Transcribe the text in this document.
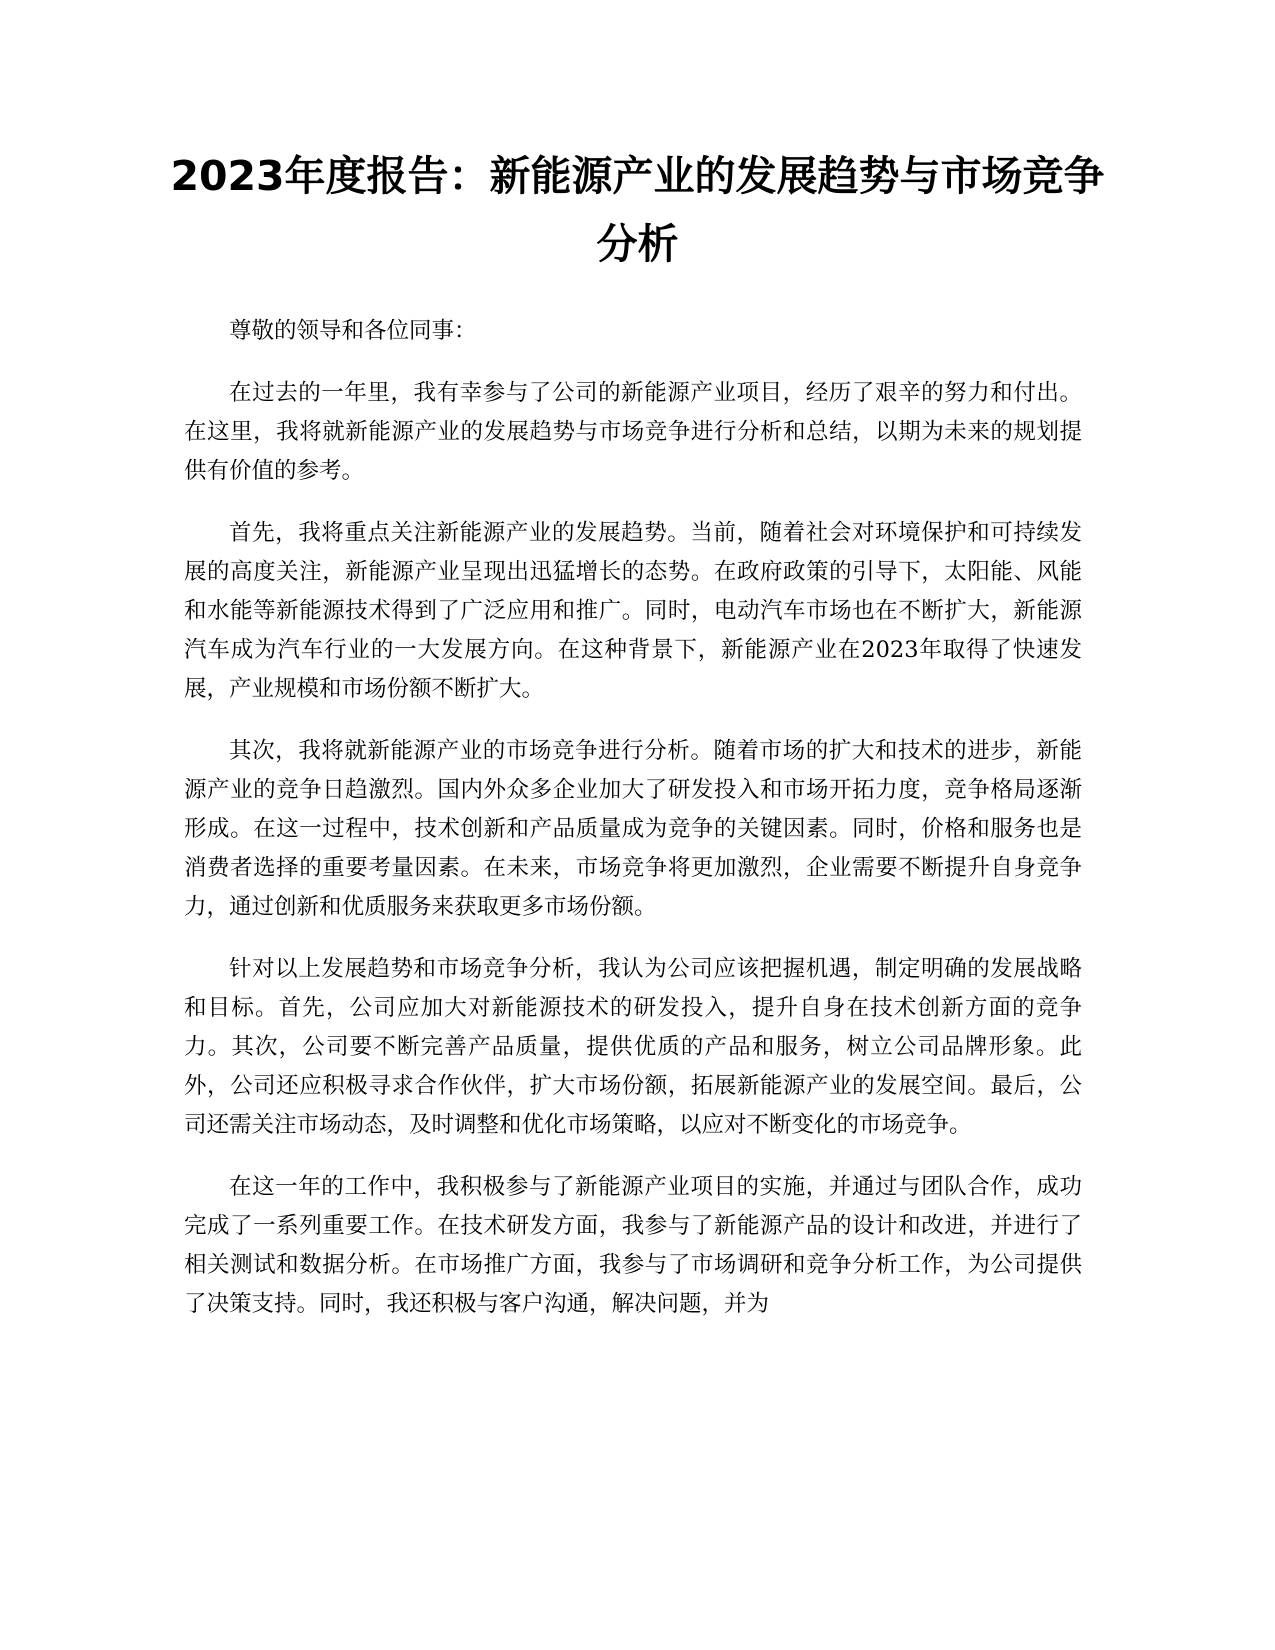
2023年度报告：新能源产业的发展趋势与市场竞争分析

尊敬的领导和各位同事：

在过去的一年里，我有幸参与了公司的新能源产业项目，经历了艰辛的努力和付出。在这里，我将就新能源产业的发展趋势与市场竞争进行分析和总结，以期为未来的规划提供有价值的参考。

首先，我将重点关注新能源产业的发展趋势。当前，随着社会对环境保护和可持续发展的高度关注，新能源产业呈现出迅猛增长的态势。在政府政策的引导下，太阳能、风能和水能等新能源技术得到了广泛应用和推广。同时，电动汽车市场也在不断扩大，新能源汽车成为汽车行业的一大发展方向。在这种背景下，新能源产业在2023年取得了快速发展，产业规模和市场份额不断扩大。

其次，我将就新能源产业的市场竞争进行分析。随着市场的扩大和技术的进步，新能源产业的竞争日趋激烈。国内外众多企业加大了研发投入和市场开拓力度，竞争格局逐渐形成。在这一过程中，技术创新和产品质量成为竞争的关键因素。同时，价格和服务也是消费者选择的重要考量因素。在未来，市场竞争将更加激烈，企业需要不断提升自身竞争力，通过创新和优质服务来获取更多市场份额。

针对以上发展趋势和市场竞争分析，我认为公司应该把握机遇，制定明确的发展战略和目标。首先，公司应加大对新能源技术的研发投入，提升自身在技术创新方面的竞争力。其次，公司要不断完善产品质量，提供优质的产品和服务，树立公司品牌形象。此外，公司还应积极寻求合作伙伴，扩大市场份额，拓展新能源产业的发展空间。最后，公司还需关注市场动态，及时调整和优化市场策略，以应对不断变化的市场竞争。

在这一年的工作中，我积极参与了新能源产业项目的实施，并通过与团队合作，成功完成了一系列重要工作。在技术研发方面，我参与了新能源产品的设计和改进，并进行了相关测试和数据分析。在市场推广方面，我参与了市场调研和竞争分析工作，为公司提供了决策支持。同时，我还积极与客户沟通，解决问题，并为
